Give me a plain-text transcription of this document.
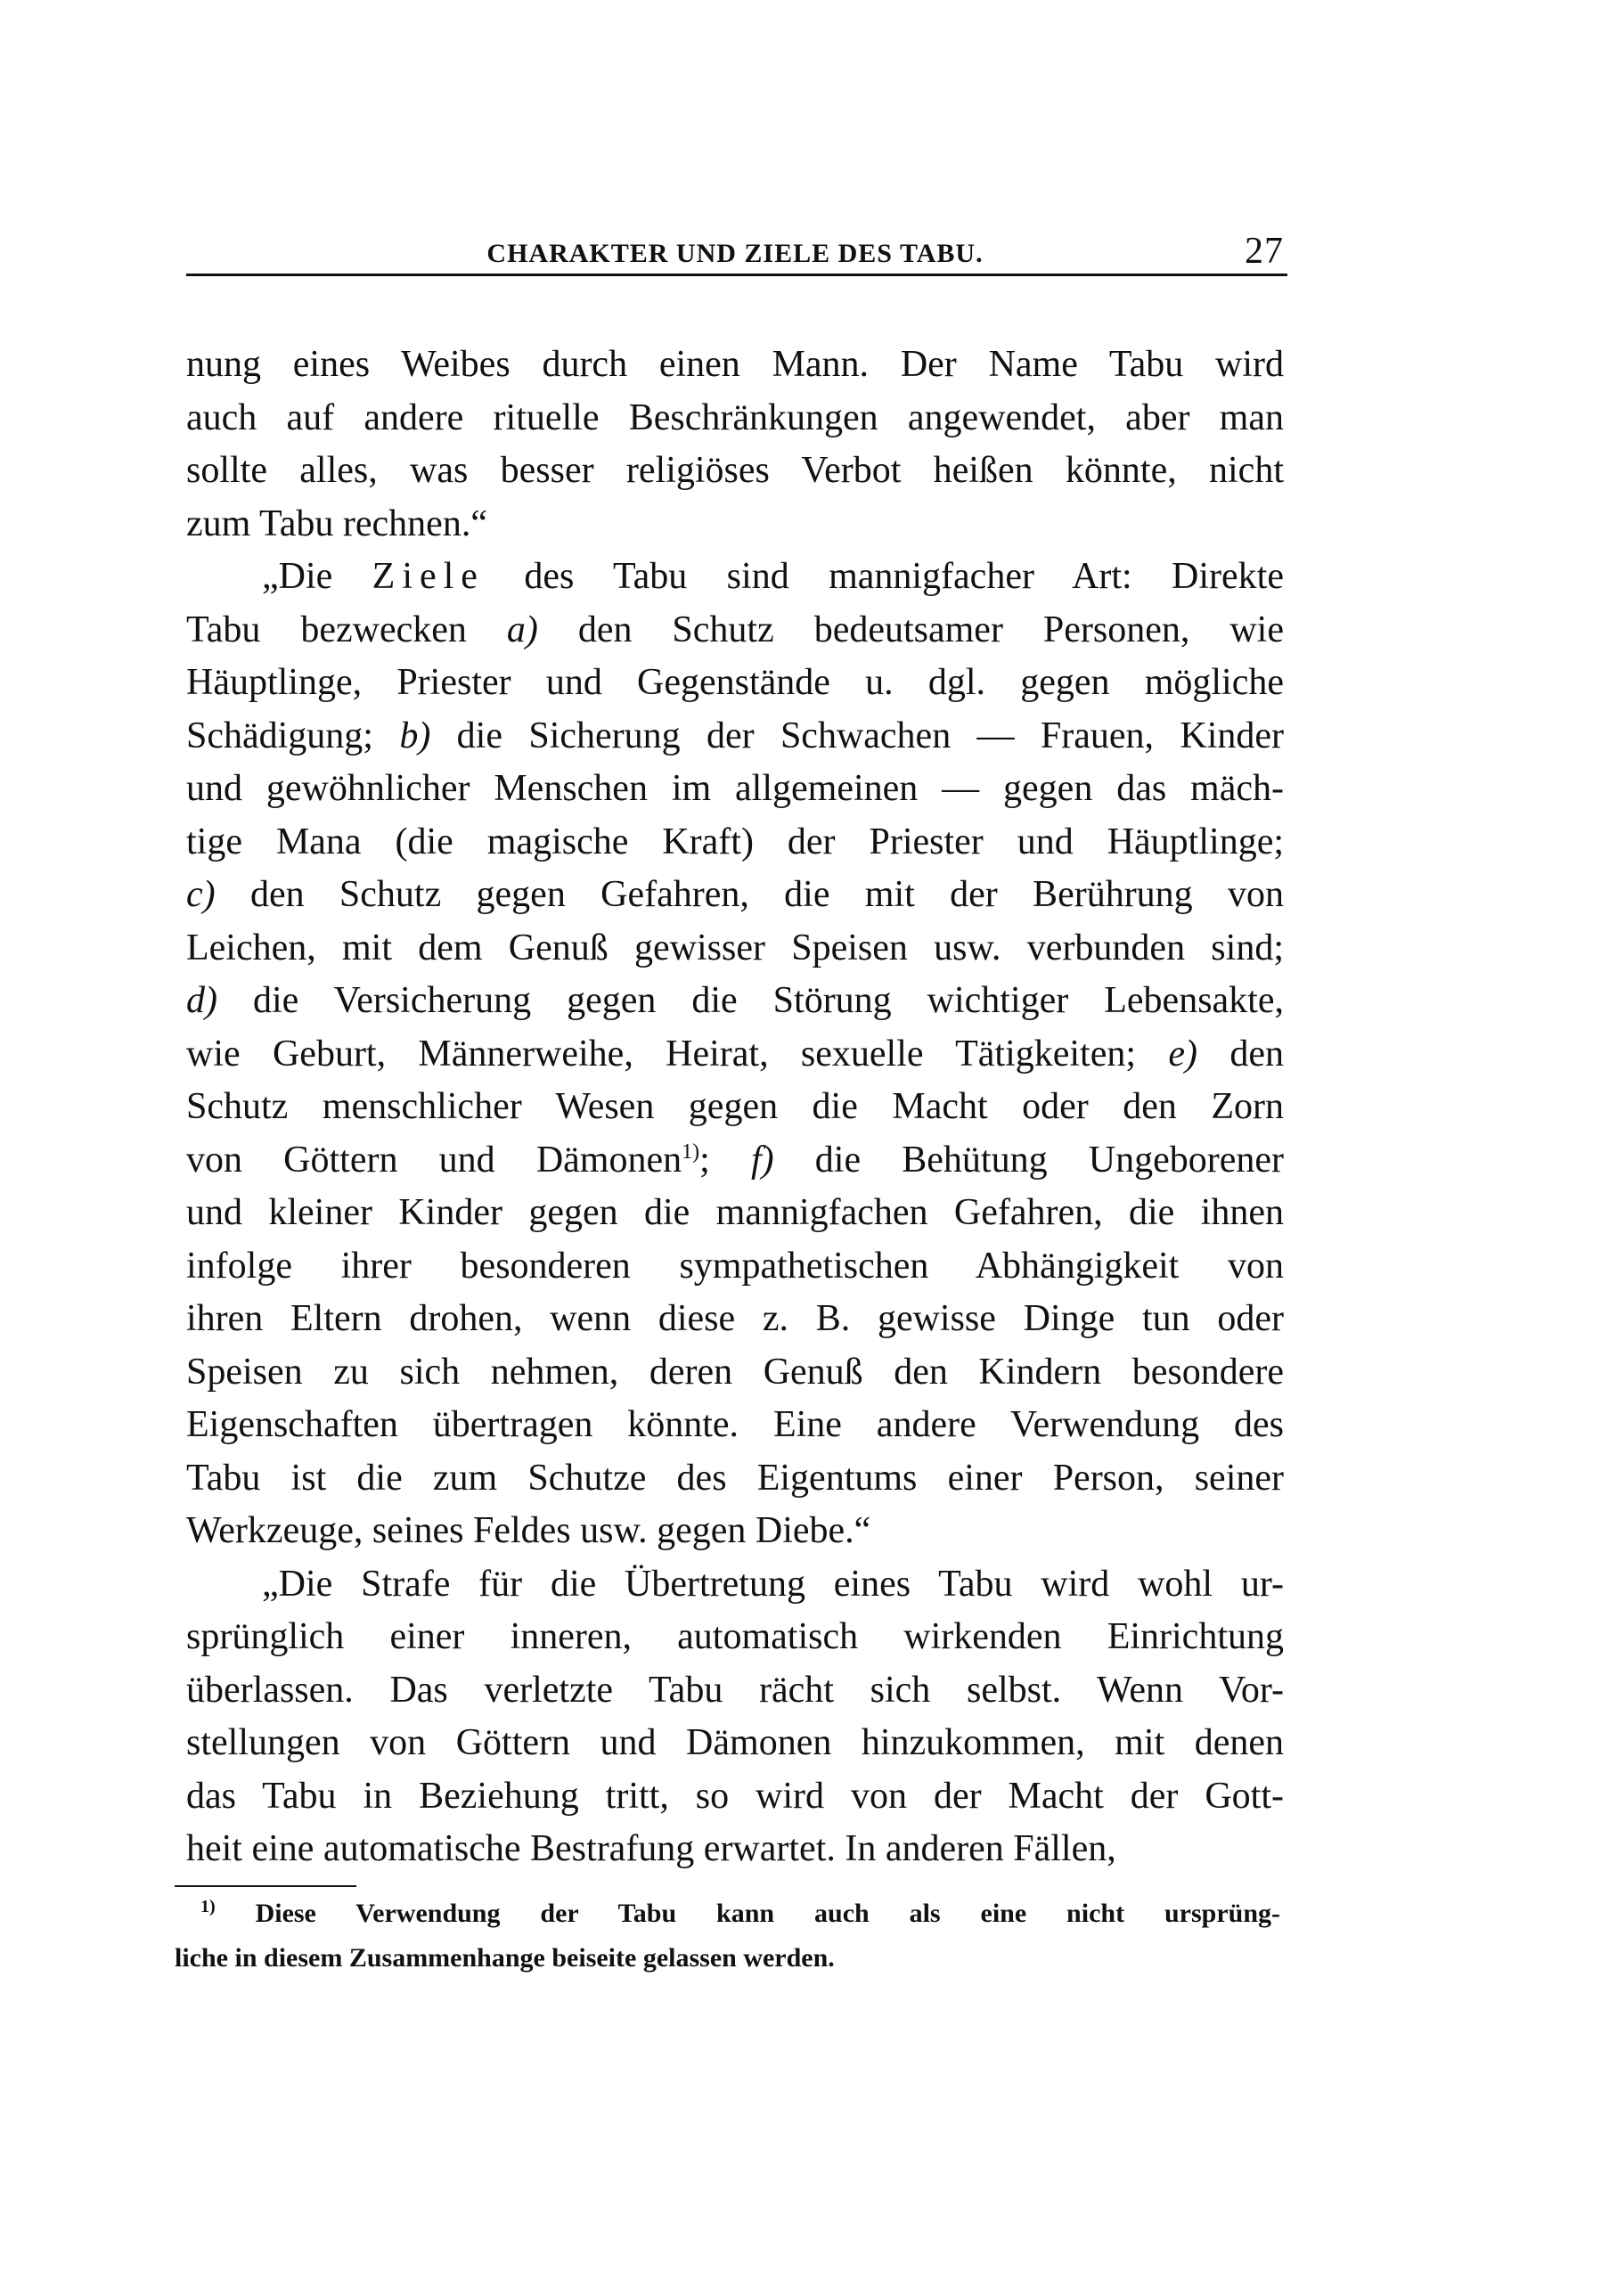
CHARAKTER UND ZIELE DES TABU.	27
nung eines Weibes durch einen Mann. Der Name Tabu wird
auch auf andere rituelle Beschränkungen angewendet, aber man
sollte alles, was besser religiöses Verbot heißen könnte, nicht
zum Tabu rechnen.“
„Die Ziele des Tabu sind mannigfacher Art: Direkte
Tabu bezwecken a) den Schutz bedeutsamer Personen, wie
Häuptlinge, Priester und Gegenstände u. dgl. gegen mögliche
Schädigung; b) die Sicherung der Schwachen — Frauen, Kinder
und gewöhnlicher Menschen im allgemeinen — gegen das mäch-
tige Mana (die magische Kraft) der Priester und Häuptlinge;
c) den Schutz gegen Gefahren, die mit der Berührung von
Leichen, mit dem Genuß gewisser Speisen usw. verbunden sind;
d) die Versicherung gegen die Störung wichtiger Lebensakte,
wie Geburt, Männerweihe, Heirat, sexuelle Tätigkeiten; e) den
Schutz menschlicher Wesen gegen die Macht oder den Zorn
von Göttern und Dämonen$^{1)}$; f) die Behütung Ungeborener
und kleiner Kinder gegen die mannigfachen Gefahren, die ihnen
infolge ihrer besonderen sympathetischen Abhängigkeit von
ihren Eltern drohen, wenn diese z. B. gewisse Dinge tun oder
Speisen zu sich nehmen, deren Genuß den Kindern besondere
Eigenschaften übertragen könnte. Eine andere Verwendung des
Tabu ist die zum Schutze des Eigentums einer Person, seiner
Werkzeuge, seines Feldes usw. gegen Diebe.“
„Die Strafe für die Übertretung eines Tabu wird wohl ur-
sprünglich einer inneren, automatisch wirkenden Einrichtung
überlassen. Das verletzte Tabu rächt sich selbst. Wenn Vor-
stellungen von Göttern und Dämonen hinzukommen, mit denen
das Tabu in Beziehung tritt, so wird von der Macht der Gott-
heit eine automatische Bestrafung erwartet. In anderen Fällen,
$^{1)}$ Diese Verwendung der Tabu kann auch als eine nicht ursprüng-
liche in diesem Zusammenhange beiseite gelassen werden.
